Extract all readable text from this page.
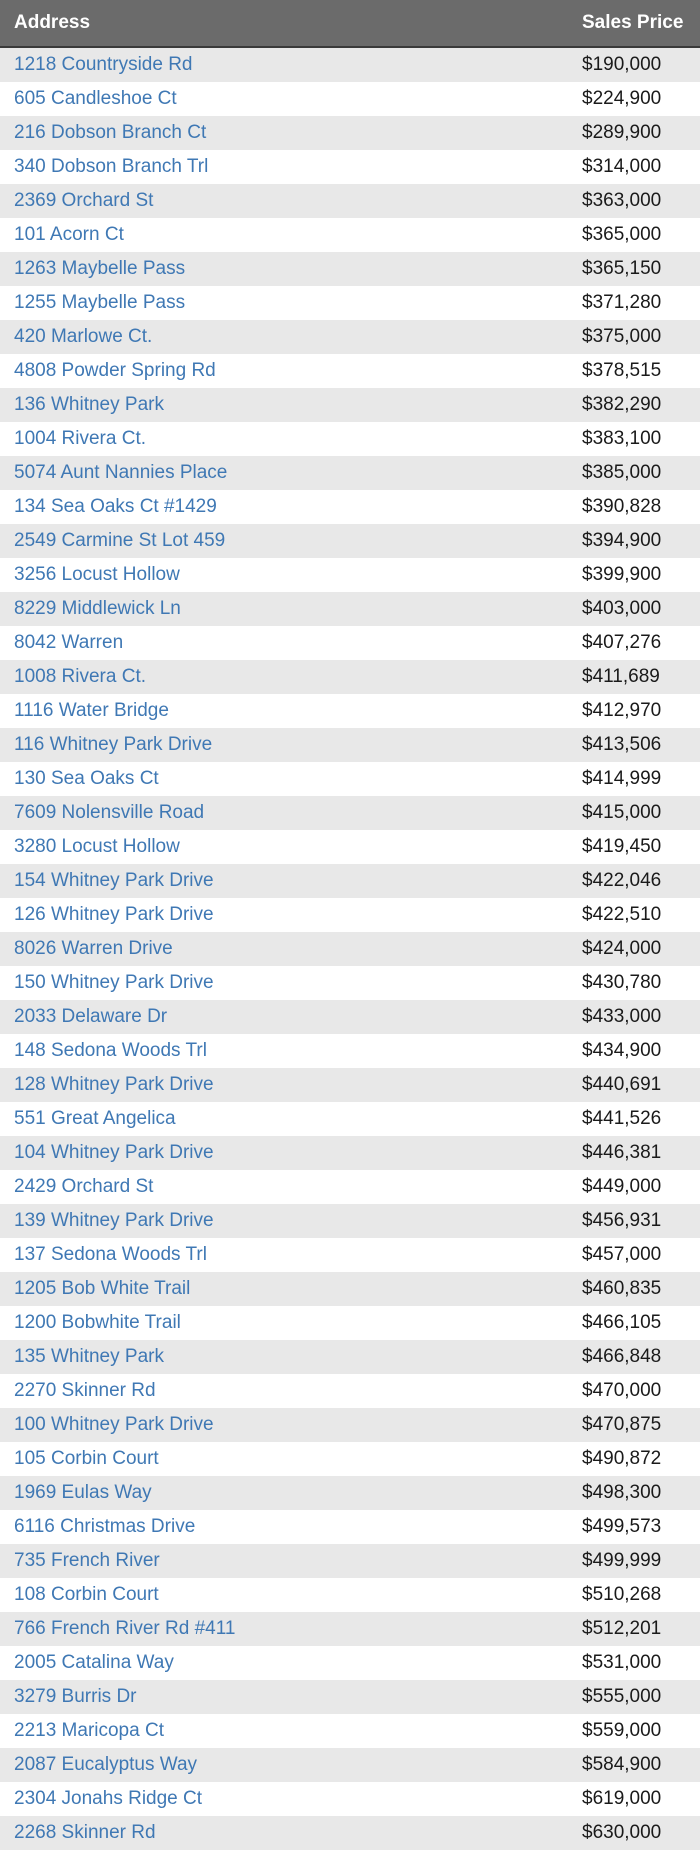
Address	Sales Price
1218 Countryside Rd	$190,000
605 Candleshoe Ct	$224,900
216 Dobson Branch Ct	$289,900
340 Dobson Branch Trl	$314,000
2369 Orchard St	$363,000
101 Acorn Ct	$365,000
1263 Maybelle Pass	$365,150
1255 Maybelle Pass	$371,280
420 Marlowe Ct.	$375,000
4808 Powder Spring Rd	$378,515
136 Whitney Park	$382,290
1004 Rivera Ct.	$383,100
5074 Aunt Nannies Place	$385,000
134 Sea Oaks Ct #1429	$390,828
2549 Carmine St Lot 459	$394,900
3256 Locust Hollow	$399,900
8229 Middlewick Ln	$403,000
8042 Warren	$407,276
1008 Rivera Ct.	$411,689
1116 Water Bridge	$412,970
116 Whitney Park Drive	$413,506
130 Sea Oaks Ct	$414,999
7609 Nolensville Road	$415,000
3280 Locust Hollow	$419,450
154 Whitney Park Drive	$422,046
126 Whitney Park Drive	$422,510
8026 Warren Drive	$424,000
150 Whitney Park Drive	$430,780
2033 Delaware Dr	$433,000
148 Sedona Woods Trl	$434,900
128 Whitney Park Drive	$440,691
551 Great Angelica	$441,526
104 Whitney Park Drive	$446,381
2429 Orchard St	$449,000
139 Whitney Park Drive	$456,931
137 Sedona Woods Trl	$457,000
1205 Bob White Trail	$460,835
1200 Bobwhite Trail	$466,105
135 Whitney Park	$466,848
2270 Skinner Rd	$470,000
100 Whitney Park Drive	$470,875
105 Corbin Court	$490,872
1969 Eulas Way	$498,300
6116 Christmas Drive	$499,573
735 French River	$499,999
108 Corbin Court	$510,268
766 French River Rd #411	$512,201
2005 Catalina Way	$531,000
3279 Burris Dr	$555,000
2213 Maricopa Ct	$559,000
2087 Eucalyptus Way	$584,900
2304 Jonahs Ridge Ct	$619,000
2268 Skinner Rd	$630,000
